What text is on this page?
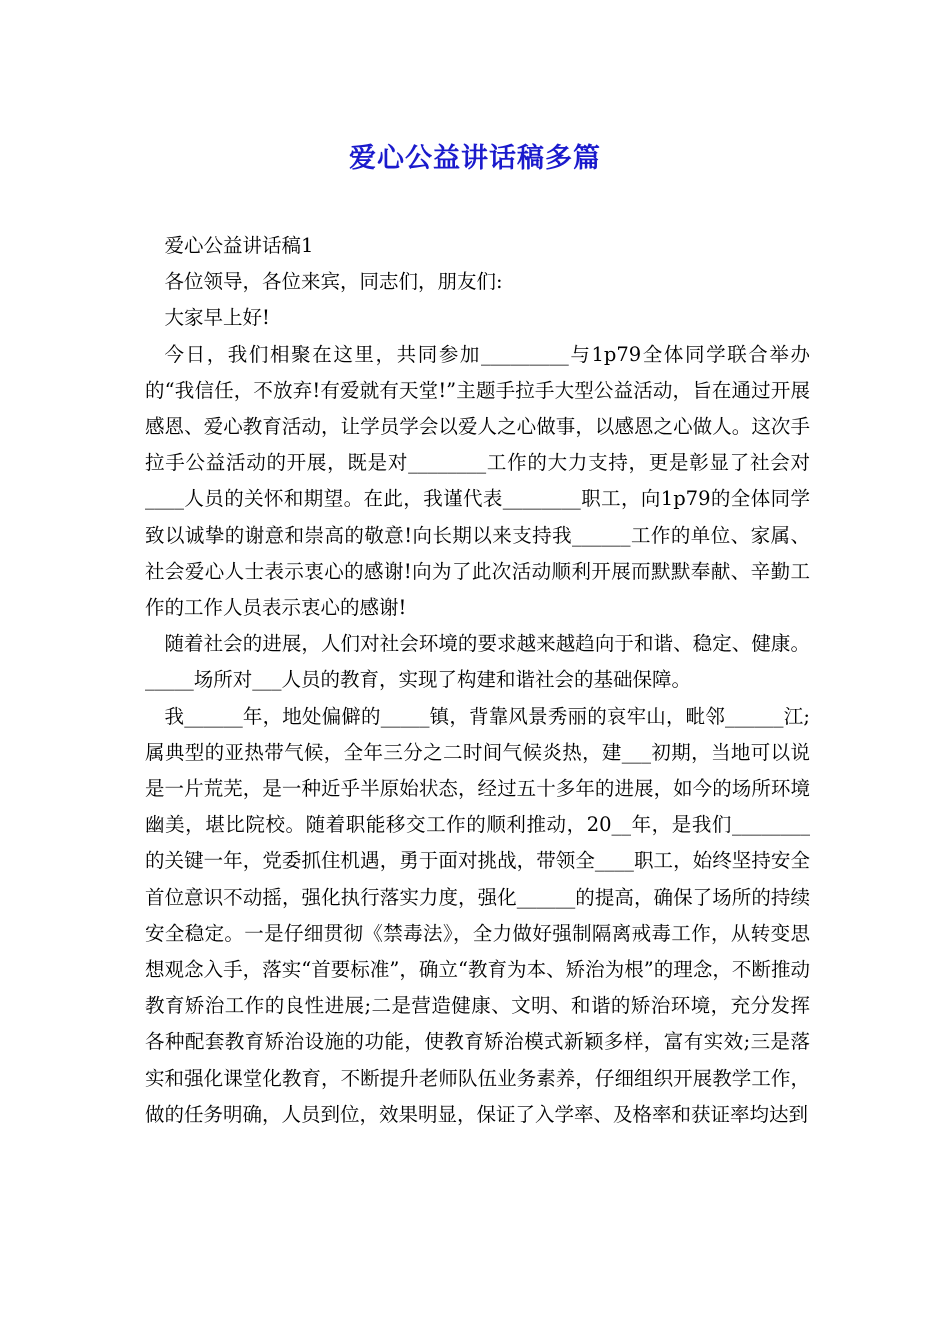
爱心公益讲话稿多篇

爱心公益讲话稿1

各位领导，各位来宾，同志们，朋友们:

大家早上好!

今日，我们相聚在这里，共同参加_________与1p79全体同学联合举办的“我信任，不放弃!有爱就有天堂!”主题手拉手大型公益活动，旨在通过开展感恩、爱心教育活动，让学员学会以爱人之心做事，以感恩之心做人。这次手拉手公益活动的开展，既是对________工作的大力支持，更是彰显了社会对____人员的关怀和期望。在此，我谨代表________职工，向1p79的全体同学致以诚挚的谢意和崇高的敬意!向长期以来支持我______工作的单位、家属、社会爱心人士表示衷心的感谢!向为了此次活动顺利开展而默默奉献、辛勤工作的工作人员表示衷心的感谢!

随着社会的进展，人们对社会环境的要求越来越趋向于和谐、稳定、健康。_____场所对___人员的教育，实现了构建和谐社会的基础保障。

我______年，地处偏僻的_____镇，背靠风景秀丽的哀牢山，毗邻______江;属典型的亚热带气候，全年三分之二时间气候炎热，建___初期，当地可以说是一片荒芜，是一种近乎半原始状态，经过五十多年的进展，如今的场所环境幽美，堪比院校。随着职能移交工作的顺利推动，20__年，是我们________的关键一年，党委抓住机遇，勇于面对挑战，带领全____职工，始终坚持安全首位意识不动摇，强化执行落实力度，强化______的提高，确保了场所的持续安全稳定。一是仔细贯彻《禁毒法》，全力做好强制隔离戒毒工作，从转变思想观念入手，落实“首要标准”，确立“教育为本、矫治为根”的理念，不断推动教育矫治工作的良性进展;二是营造健康、文明、和谐的矫治环境，充分发挥各种配套教育矫治设施的功能，使教育矫治模式新颖多样，富有实效;三是落实和强化课堂化教育，不断提升老师队伍业务素养，仔细组织开展教学工作，做的任务明确，人员到位，效果明显，保证了入学率、及格率和获证率均达到
